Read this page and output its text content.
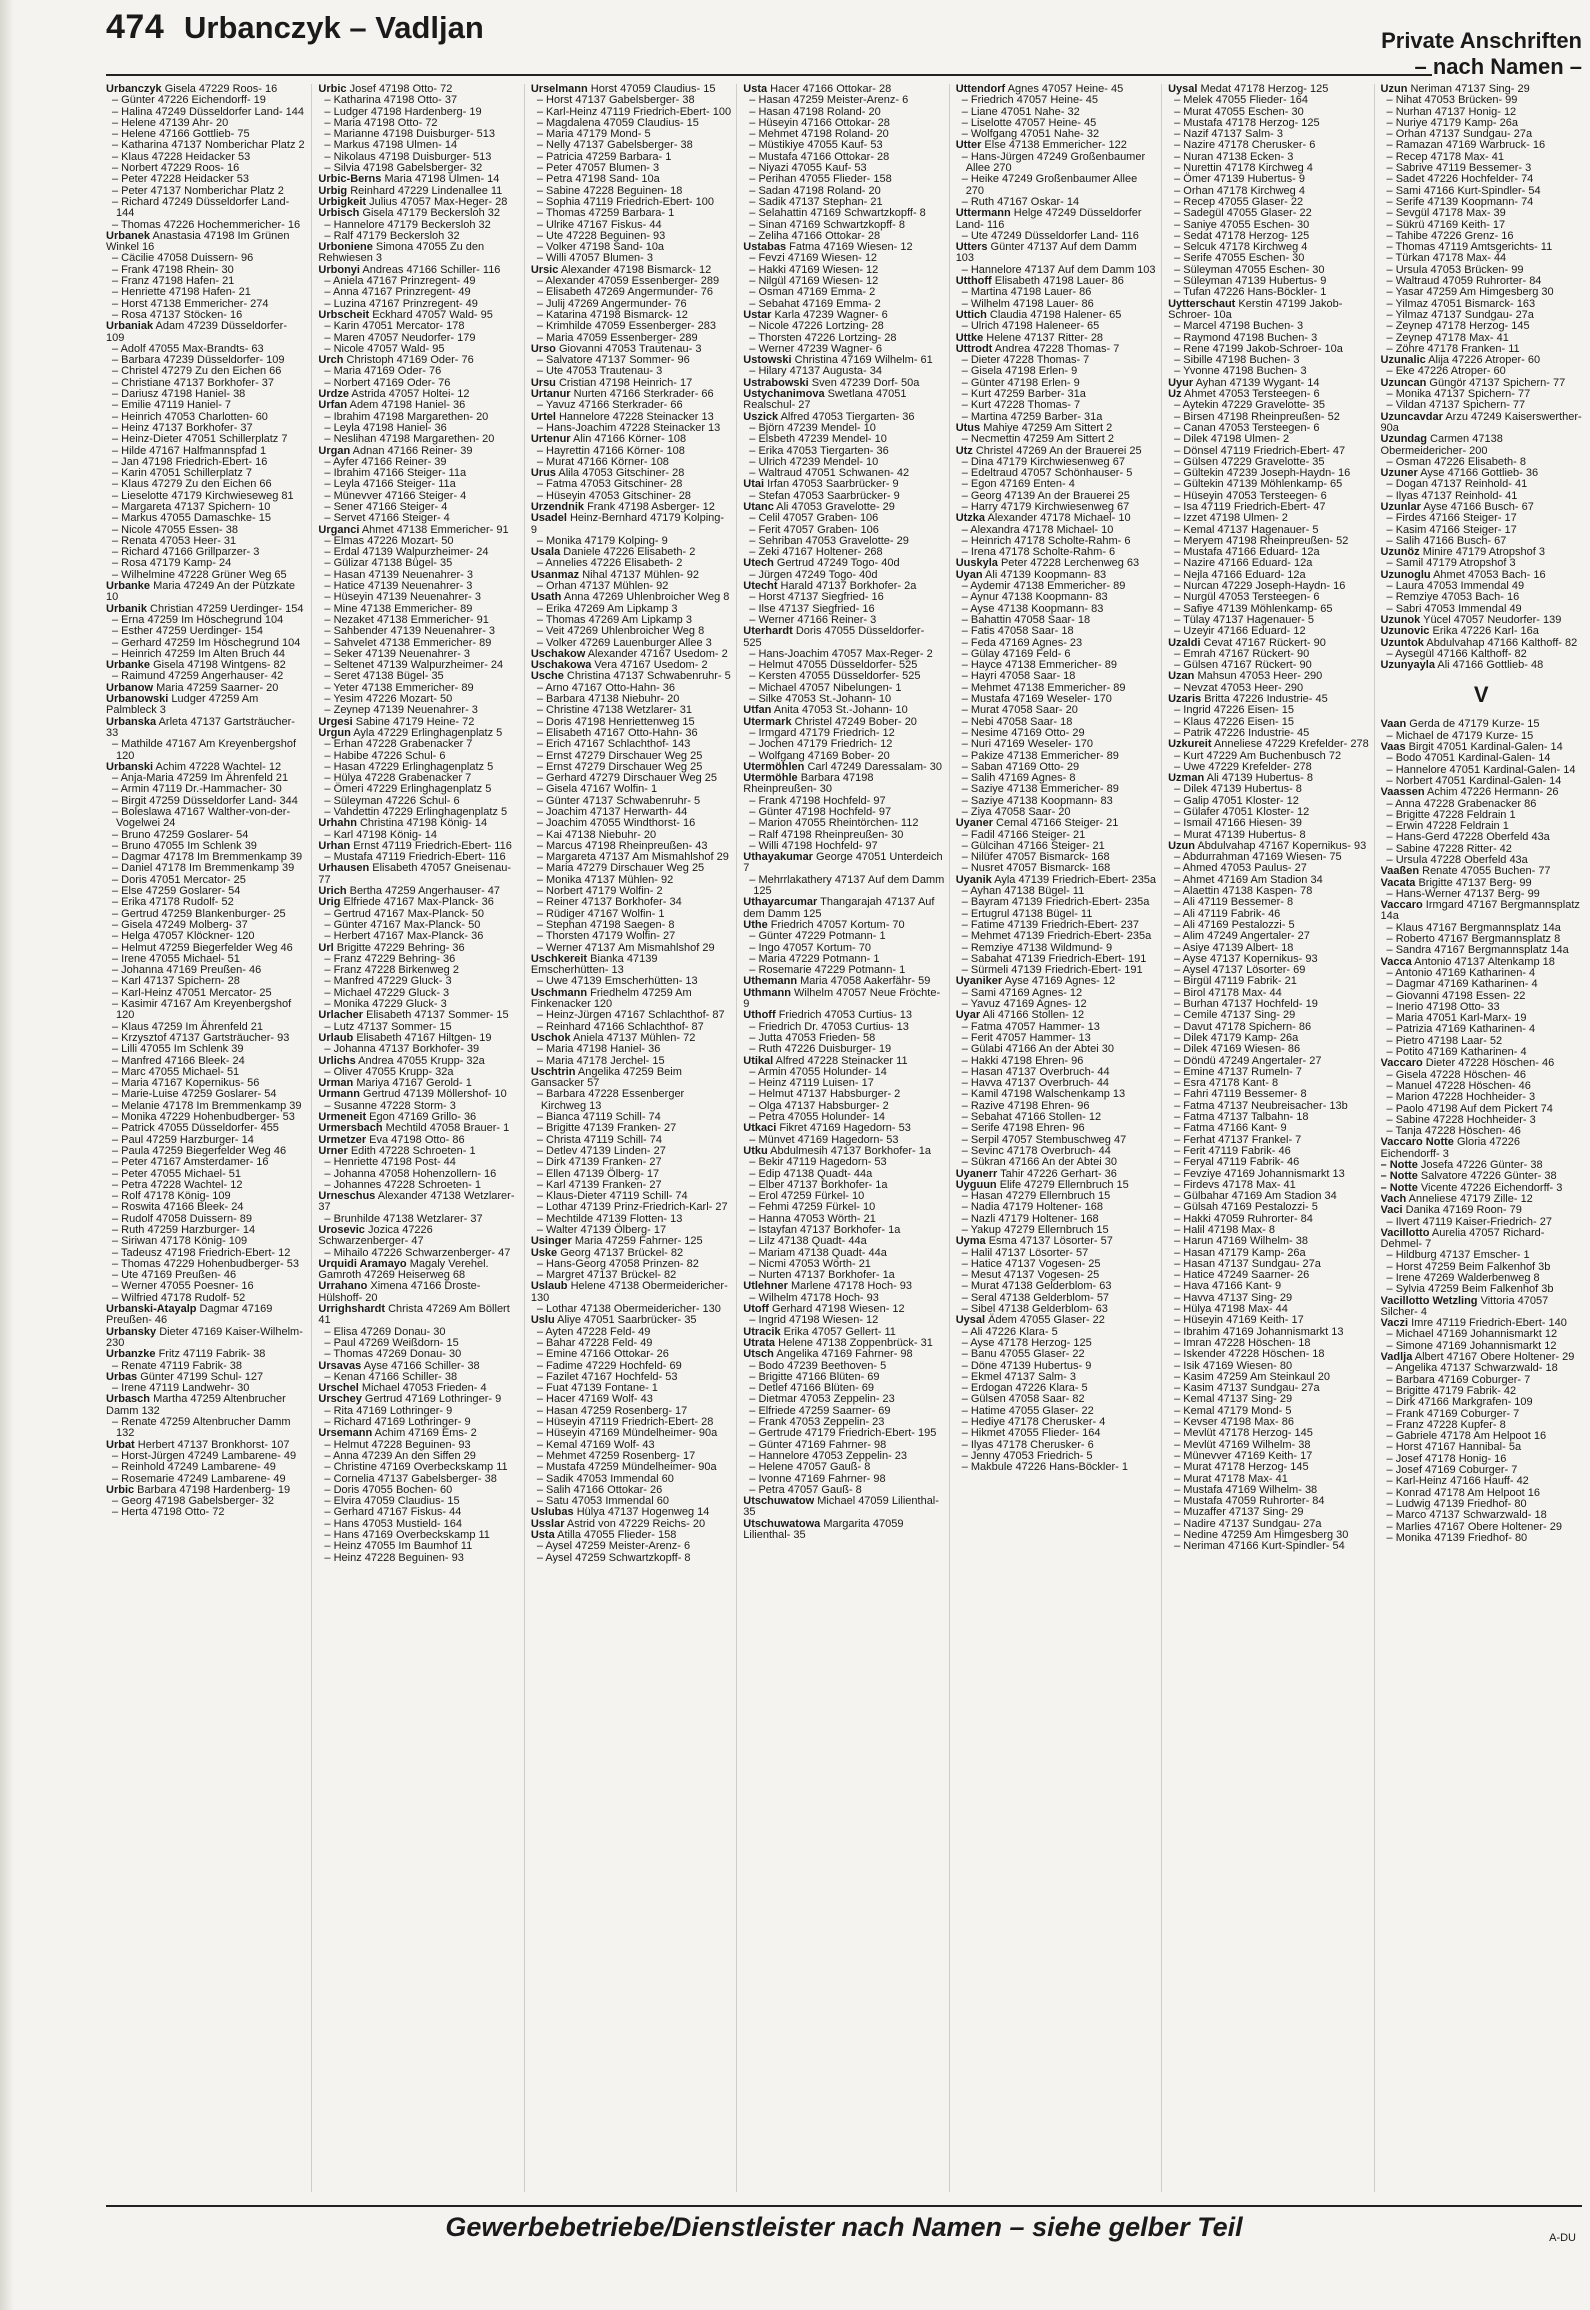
474 Urbanczyk – Vadljan	Private Anschriften
– nach Namen –

Urbanczyk Gisela 47229 Roos- 16

– Günter 47226 Eichendorff- 19

– Halina 47249 Düsseldorfer Land- 144

– Helene 47139 Ahr- 20

– Helene 47166 Gottlieb- 75

– Katharina 47137 Nomberichar Platz 2

– Klaus 47228 Heidacker 53

– Norbert 47229 Roos- 16

– Peter 47228 Heidacker 53

– Peter 47137 Nomberichar Platz 2

– Richard 47249 Düsseldorfer Land- 144

– Thomas 47226 Hochemmericher- 16

Urbanek Anastasia 47198 Im Grünen Winkel 16

– Cäcilie 47058 Duissern- 96

– Frank 47198 Rhein- 30

– Franz 47198 Hafen- 21

– Henriette 47198 Hafen- 21

– Horst 47138 Emmericher- 274

– Rosa 47137 Stöcken- 16

Urbaniak Adam 47239 Düsseldorfer- 109

– Adolf 47055 Max-Brandts- 63

– Barbara 47239 Düsseldorfer- 109

– Christel 47279 Zu den Eichen 66

– Christiane 47137 Borkhofer- 37

– Dariusz 47198 Haniel- 38

– Emilie 47119 Haniel- 7

– Heinrich 47053 Charlotten- 60

– Heinz 47137 Borkhofer- 37

– Heinz-Dieter 47051 Schillerplatz 7

– Hilde 47167 Halfmannspfad 1

– Jan 47198 Friedrich-Ebert- 16

– Karin 47051 Schillerplatz 7

– Klaus 47279 Zu den Eichen 66

– Lieselotte 47179 Kirchwieseweg 81

– Margareta 47137 Spichern- 10

– Markus 47055 Damaschke- 15

– Nicole 47055 Essen- 38

– Renata 47053 Heer- 31

– Richard 47166 Grillparzer- 3

– Rosa 47179 Kamp- 24

– Wilhelmine 47228 Grüner Weg 65

Urbanke Maria 47249 An der Pützkate 10

Urbanik Christian 47259 Uerdinger- 154

– Erna 47259 Im Höschegrund 104

– Esther 47259 Uerdinger- 154

– Gerhard 47259 Im Höschegrund 104

– Heinrich 47259 Im Alten Bruch 44

Urbanke Gisela 47198 Wintgens- 82

– Raimund 47259 Angerhauser- 42

Urbanow Maria 47259 Saarner- 20

Urbanowski Ludger 47259 Am Palmbleck 3

Urbanska Arleta 47137 Gartsträucher- 33

– Mathilde 47167 Am Kreyenbergshof 120

Urbanski Achim 47228 Wachtel- 12

– Anja-Maria 47259 Im Ährenfeld 21

– Armin 47119 Dr.-Hammacher- 30

– Birgit 47259 Düsseldorfer Land- 344

– Boleslawa 47167 Walther-von-der-Vogelwei 24

– Bruno 47259 Goslarer- 54

– Bruno 47055 Im Schlenk 39

– Dagmar 47178 Im Bremmenkamp 39

– Daniel 47178 Im Bremmenkamp 39

– Doris 47051 Mercator- 25

– Else 47259 Goslarer- 54

– Erika 47178 Rudolf- 52

– Gertrud 47259 Blankenburger- 25

– Gisela 47249 Molberg- 37

– Helga 47057 Klöckner- 120

– Helmut 47259 Biegerfelder Weg 46

– Irene 47055 Michael- 51

– Johanna 47169 Preußen- 46

– Karl 47137 Spichern- 28

– Karl-Heinz 47051 Mercator- 25

– Kasimir 47167 Am Kreyenbergshof 120

– Klaus 47259 Im Ährenfeld 21

– Krzysztof 47137 Gartsträucher- 93

– Lilli 47055 Im Schlenk 39

– Manfred 47166 Bleek- 24

– Marc 47055 Michael- 51

– Maria 47167 Kopernikus- 56

– Marie-Luise 47259 Goslarer- 54

– Melanie 47178 Im Bremmenkamp 39

– Monika 47229 Hohenbudberger- 53

– Patrick 47055 Düsseldorfer- 455

– Paul 47259 Harzburger- 14

– Paula 47259 Biegerfelder Weg 46

– Peter 47167 Amsterdamer- 16

– Peter 47055 Michael- 51

– Petra 47228 Wachtel- 12

– Rolf 47178 König- 109

– Roswita 47166 Bleek- 24

– Rudolf 47058 Duissern- 89

– Ruth 47259 Harzburger- 14

– Siriwan 47178 König- 109

– Tadeusz 47198 Friedrich-Ebert- 12

– Thomas 47229 Hohenbudberger- 53

– Ute 47169 Preußen- 46

– Werner 47055 Poesner- 16

– Wilfried 47178 Rudolf- 52

Urbanski-Atayalp Dagmar 47169 Preußen- 46

Urbansky Dieter 47169 Kaiser-Wilhelm- 230

Urbanzke Fritz 47119 Fabrik- 38

– Renate 47119 Fabrik- 38

Urbas Günter 47199 Schul- 127

– Irene 47119 Landwehr- 30

Urbasch Martha 47259 Altenbrucher Damm 132

– Renate 47259 Altenbrucher Damm 132

Urbat Herbert 47137 Bronkhorst- 107

– Horst-Jürgen 47249 Lambarene- 49

– Reinhold 47249 Lambarene- 49

– Rosemarie 47249 Lambarene- 49

Urbic Barbara 47198 Hardenberg- 19

– Georg 47198 Gabelsberger- 32

– Herta 47198 Otto- 72

Urbic Josef 47198 Otto- 72

– Katharina 47198 Otto- 37

– Ludger 47198 Hardenberg- 19

– Maria 47198 Otto- 72

– Marianne 47198 Duisburger- 513

– Markus 47198 Ulmen- 14

– Nikolaus 47198 Duisburger- 513

– Silvia 47198 Gabelsberger- 32

Urbic-Berns Maria 47198 Ulmen- 14

Urbig Reinhard 47229 Lindenallee 11

Urbigkeit Julius 47057 Max-Heger- 28

Urbisch Gisela 47179 Beckersloh 32

– Hannelore 47179 Beckersloh 32

– Ralf 47179 Beckersloh 32

Urboniene Simona 47055 Zu den Rehwiesen 3

Urbonyi Andreas 47166 Schiller- 116

– Aniela 47167 Prinzregent- 49

– Anna 47167 Prinzregent- 49

– Luzina 47167 Prinzregent- 49

Urbscheit Eckhard 47057 Wald- 95

– Karin 47051 Mercator- 178

– Maren 47057 Neudorfer- 179

– Nicole 47057 Wald- 95

Urch Christoph 47169 Oder- 76

– Maria 47169 Oder- 76

– Norbert 47169 Oder- 76

Urdze Astrida 47057 Holtei- 12

Urfan Adem 47198 Haniel- 36

– Ibrahim 47198 Margarethen- 20

– Leyla 47198 Haniel- 36

– Neslihan 47198 Margarethen- 20

Urgan Adnan 47166 Reiner- 39

– Ayfer 47166 Reiner- 39

– Ibrahim 47166 Steiger- 11a

– Leyla 47166 Steiger- 11a

– Münevver 47166 Steiger- 4

– Sener 47166 Steiger- 4

– Servet 47166 Steiger- 4

Urganci Ahmet 47138 Emmericher- 91

– Elmas 47226 Mozart- 50

– Erdal 47139 Walpurzheimer- 24

– Gülizar 47138 Bügel- 35

– Hasan 47139 Neuenahrer- 3

– Hatice 47139 Neuenahrer- 3

– Hüseyin 47139 Neuenahrer- 3

– Mine 47138 Emmericher- 89

– Nezaket 47138 Emmericher- 91

– Sahbender 47139 Neuenahrer- 3

– Sahvelet 47138 Emmericher- 89

– Seker 47139 Neuenahrer- 3

– Seltenet 47139 Walpurzheimer- 24

– Seret 47138 Bügel- 35

– Yeter 47138 Emmericher- 89

– Yesim 47226 Mozart- 50

– Zeynep 47139 Neuenahrer- 3

Urgesi Sabine 47179 Heine- 72

Urgun Ayla 47229 Erlinghagenplatz 5

– Erhan 47228 Grabenacker 7

– Habibe 47226 Schul- 6

– Hasan 47229 Erlinghagenplatz 5

– Hülya 47228 Grabenacker 7

– Ömeri 47229 Erlinghagenplatz 5

– Süleyman 47226 Schul- 6

– Vahdettin 47229 Erlinghagenplatz 5

Urhahn Christina 47198 König- 14

– Karl 47198 König- 14

Urhan Ernst 47119 Friedrich-Ebert- 116

– Mustafa 47119 Friedrich-Ebert- 116

Urhausen Elisabeth 47057 Gneisenau- 77

Urich Bertha 47259 Angerhauser- 47

Urig Elfriede 47167 Max-Planck- 36

– Gertrud 47167 Max-Planck- 50

– Günter 47167 Max-Planck- 50

– Herbert 47167 Max-Planck- 36

Url Brigitte 47229 Behring- 36

– Franz 47229 Behring- 36

– Franz 47228 Birkenweg 2

– Manfred 47229 Gluck- 3

– Michael 47229 Gluck- 3

– Monika 47229 Gluck- 3

Urlacher Elisabeth 47137 Sommer- 15

– Lutz 47137 Sommer- 15

Urlaub Elisabeth 47167 Hiltgen- 19

– Johanna 47137 Borkhofer- 39

Urlichs Andrea 47055 Krupp- 32a

– Oliver 47055 Krupp- 32a

Urman Mariya 47167 Gerold- 1

Urmann Gertrud 47139 Möllershof- 10

– Susanne 47228 Storm- 3

Urmeneit Egon 47169 Grillo- 36

Urmersbach Mechtild 47058 Brauer- 1

Urmetzer Eva 47198 Otto- 86

Urner Edith 47228 Schroeten- 1

– Henriette 47198 Post- 44

– Johanna 47058 Hohenzollern- 16

– Johannes 47228 Schroeten- 1

Urneschus Alexander 47138 Wetzlarer- 37

– Brunhilde 47138 Wetzlarer- 37

Urosevic Jozica 47226 Schwarzenberger- 47

– Mihailo 47226 Schwarzenberger- 47

Urquidi Aramayo Magaly Verehel. Gamroth 47269 Heiserweg 68

Urrahano Ximena 47166 Droste-Hülshoff- 20

Urrighshardt Christa 47269 Am Böllert 41

– Elisa 47269 Donau- 30

– Paul 47269 Weißdorn- 15

– Thomas 47269 Donau- 30

Ursavas Ayse 47166 Schiller- 38

– Kenan 47166 Schiller- 38

Urschel Michael 47053 Frieden- 4

Urschey Gertrud 47169 Lothringer- 9

– Rita 47169 Lothringer- 9

– Richard 47169 Lothringer- 9

Ursemann Achim 47169 Ems- 2

– Helmut 47228 Beguinen- 93

– Anna 47239 An den Siffen 29

– Christine 47169 Overbeckskamp 11

– Cornelia 47137 Gabelsberger- 38

– Doris 47055 Bochen- 60

– Elvira 47059 Claudius- 15

– Gerhard 47167 Fiskus- 44

– Hans 47053 Mustield- 164

– Hans 47169 Overbeckskamp 11

– Heinz 47055 Im Baumhof 11

– Heinz 47228 Beguinen- 93

Urselmann Horst 47059 Claudius- 15

– Horst 47137 Gabelsberger- 38

– Karl-Heinz 47119 Friedrich-Ebert- 100

– Magdalena 47059 Claudius- 15

– Maria 47179 Mond- 5

– Nelly 47137 Gabelsberger- 38

– Patricia 47259 Barbara- 1

– Peter 47057 Blumen- 3

– Petra 47198 Sand- 10a

– Sabine 47228 Beguinen- 18

– Sophia 47119 Friedrich-Ebert- 100

– Thomas 47259 Barbara- 1

– Ulrike 47167 Fiskus- 44

– Ute 47228 Beguinen- 93

– Volker 47198 Sand- 10a

– Willi 47057 Blumen- 3

Ursic Alexander 47198 Bismarck- 12

– Alexander 47059 Essenberger- 289

– Elisabeth 47269 Angermunder- 76

– Julij 47269 Angermunder- 76

– Katarina 47198 Bismarck- 12

– Krimhilde 47059 Essenberger- 283

– Maria 47059 Essenberger- 289

Urso Giovanni 47053 Trautenau- 3

– Salvatore 47137 Sommer- 96

– Ute 47053 Trautenau- 3

Ursu Cristian 47198 Heinrich- 17

Urtanur Nurten 47166 Sterkrader- 66

– Yavuz 47166 Sterkrader- 66

Urtel Hannelore 47228 Steinacker 13

– Hans-Joachim 47228 Steinacker 13

Urtenur Alin 47166 Körner- 108

– Hayrettin 47166 Körner- 108

– Murat 47166 Körner- 108

Urus Alila 47053 Gitschiner- 28

– Fatma 47053 Gitschiner- 28

– Hüseyin 47053 Gitschiner- 28

Urzendnik Frank 47198 Asberger- 12

Usadel Heinz-Bernhard 47179 Kolping- 9

– Monika 47179 Kolping- 9

Usala Daniele 47226 Elisabeth- 2

– Annelies 47226 Elisabeth- 2

Usanmaz Nihal 47137 Mühlen- 92

– Orhan 47137 Mühlen- 92

Usath Anna 47269 Uhlenbroicher Weg 8

– Erika 47269 Am Lipkamp 3

– Thomas 47269 Am Lipkamp 3

– Veit 47269 Uhlenbroicher Weg 8

– Volker 47269 Lauenburger Allee 3

Uschakow Alexander 47167 Usedom- 2

Uschakowa Vera 47167 Usedom- 2

Usche Christina 47137 Schwabenruhr- 5

– Arno 47167 Otto-Hahn- 36

– Barbara 47138 Niebuhr- 20

– Christine 47138 Wetzlarer- 31

– Doris 47198 Henriettenweg 15

– Elisabeth 47167 Otto-Hahn- 36

– Erich 47167 Schlachthof- 143

– Ernst 47279 Dirschauer Weg 25

– Ernst 47279 Dirschauer Weg 25

– Gerhard 47279 Dirschauer Weg 25

– Gisela 47167 Wolfin- 1

– Günter 47137 Schwabenruhr- 5

– Joachim 47137 Herwarth- 44

– Joachim 47055 Windthorst- 16

– Kai 47138 Niebuhr- 20

– Marcus 47198 Rheinpreußen- 43

– Margareta 47137 Am Mismahlshof 29

– Maria 47279 Dirschauer Weg 25

– Monika 47137 Mühlen- 92

– Norbert 47179 Wolfin- 2

– Reiner 47137 Borkhofer- 34

– Rüdiger 47167 Wolfin- 1

– Stephan 47198 Saegen- 8

– Thorsten 47179 Wolfin- 27

– Werner 47137 Am Mismahlshof 29

Uschkereit Bianka 47139 Emscherhütten- 13

– Uwe 47139 Emscherhütten- 13

Uschmann Friedhelm 47259 Am Finkenacker 120

– Heinz-Jürgen 47167 Schlachthof- 87

– Reinhard 47166 Schlachthof- 87

Uschok Aniela 47137 Mühlen- 72

– Maria 47198 Haniel- 36

– Maria 47178 Jerchel- 15

Uschtrin Angelika 47259 Beim Gansacker 57

– Barbara 47228 Essenberger Kirchweg 13

– Bianca 47119 Schill- 74

– Brigitte 47139 Franken- 27

– Christa 47119 Schill- 74

– Detlev 47139 Linden- 27

– Dirk 47139 Franken- 27

– Ellen 47139 Ölberg- 17

– Karl 47139 Franken- 27

– Klaus-Dieter 47119 Schill- 74

– Lothar 47139 Prinz-Friedrich-Karl- 27

– Mechtilde 47139 Flotten- 13

– Walter 47139 Ölberg- 17

Usinger Maria 47259 Fahrner- 125

Uske Georg 47137 Brückel- 82

– Hans-Georg 47058 Prinzen- 82

– Margret 47137 Brückel- 82

Uslaub Helene 47138 Obermeidericher- 130

– Lothar 47138 Obermeidericher- 130

Uslu Aliye 47051 Saarbrücker- 35

– Ayten 47228 Feld- 49

– Bahar 47228 Feld- 49

– Emine 47166 Ottokar- 26

– Fadime 47229 Hochfeld- 69

– Fazilet 47167 Hochfeld- 53

– Fuat 47139 Fontane- 1

– Hacer 47169 Wolf- 43

– Hasan 47259 Rosenberg- 17

– Hüseyin 47119 Friedrich-Ebert- 28

– Hüseyin 47169 Mündelheimer- 90a

– Kemal 47169 Wolf- 43

– Mehmet 47259 Rosenberg- 17

– Mustafa 47259 Mündelheimer- 90a

– Sadik 47053 Immendal 60

– Salih 47166 Ottokar- 26

– Satu 47053 Immendal 60

Uslubas Hülya 47137 Hogenweg 14

Usslar Astrid von 47229 Reichs- 20

Usta Atilla 47055 Flieder- 158

– Aysel 47259 Meister-Arenz- 6

– Aysel 47259 Schwartzkopff- 8

Usta Hacer 47166 Ottokar- 28

– Hasan 47259 Meister-Arenz- 6

– Hasan 47198 Roland- 20

– Hüseyin 47166 Ottokar- 28

– Mehmet 47198 Roland- 20

– Müstikiye 47055 Kauf- 53

– Mustafa 47166 Ottokar- 28

– Niyazi 47055 Kauf- 53

– Perihan 47055 Flieder- 158

– Sadan 47198 Roland- 20

– Sadik 47137 Stephan- 21

– Selahattin 47169 Schwartzkopff- 8

– Sinan 47169 Schwartzkopff- 8

– Zeliha 47166 Ottokar- 28

Ustabas Fatma 47169 Wiesen- 12

– Fevzi 47169 Wiesen- 12

– Hakki 47169 Wiesen- 12

– Nilgül 47169 Wiesen- 12

– Osman 47169 Emma- 2

– Sebahat 47169 Emma- 2

Ustar Karla 47239 Wagner- 6

– Nicole 47226 Lortzing- 28

– Thorsten 47226 Lortzing- 28

– Werner 47239 Wagner- 6

Ustowski Christina 47169 Wilhelm- 61

– Hilary 47137 Augusta- 34

Ustrabowski Sven 47239 Dorf- 50a

Ustychanimova Swetlana 47051 Realschul- 27

Uszick Alfred 47053 Tiergarten- 36

– Björn 47239 Mendel- 10

– Elsbeth 47239 Mendel- 10

– Erika 47053 Tiergarten- 36

– Ulrich 47239 Mendel- 10

– Waltraud 47051 Schwanen- 42

Utai Irfan 47053 Saarbrücker- 9

– Stefan 47053 Saarbrücker- 9

Utanc Ali 47053 Gravelotte- 29

– Celil 47057 Graben- 106

– Ferit 47057 Graben- 106

– Sehriban 47053 Gravelotte- 29

– Zeki 47167 Holtener- 268

Utech Gertrud 47249 Togo- 40d

– Jürgen 47249 Togo- 40d

Utecht Harald 47137 Borkhofer- 2a

– Horst 47137 Siegfried- 16

– Ilse 47137 Siegfried- 16

– Werner 47166 Reiner- 3

Uterhardt Doris 47055 Düsseldorfer- 525

– Hans-Joachim 47057 Max-Reger- 2

– Helmut 47055 Düsseldorfer- 525

– Kersten 47055 Düsseldorfer- 525

– Michael 47057 Nibelungen- 1

– Silke 47053 St.-Johann- 10

Utfan Anita 47053 St.-Johann- 10

Utermark Christel 47249 Bober- 20

– Irmgard 47179 Friedrich- 12

– Jochen 47179 Friedrich- 12

– Wolfgang 47169 Bober- 20

Utermöhlen Carl 47249 Daressalam- 30

Utermöhle Barbara 47198 Rheinpreußen- 30

– Frank 47198 Hochfeld- 97

– Günter 47198 Hochfeld- 97

– Marion 47055 Rheintörchen- 112

– Ralf 47198 Rheinpreußen- 30

– Willi 47198 Hochfeld- 97

Uthayakumar George 47051 Unterdeich 7

– Mehrrlakathery 47137 Auf dem Damm 125

Uthayarcumar Thangarajah 47137 Auf dem Damm 125

Uthe Friedrich 47057 Kortum- 70

– Günter 47229 Potmann- 1

– Ingo 47057 Kortum- 70

– Maria 47229 Potmann- 1

– Rosemarie 47229 Potmann- 1

Uthemann Maria 47058 Aakerfähr- 59

Uthmann Wilhelm 47057 Neue Fröchte- 9

Uthoff Friedrich 47053 Curtius- 13

– Friedrich Dr. 47053 Curtius- 13

– Jutta 47053 Frieden- 58

– Ruth 47226 Duisburger- 19

Utikal Alfred 47228 Steinacker 11

– Armin 47055 Holunder- 14

– Heinz 47119 Luisen- 17

– Helmut 47137 Habsburger- 2

– Olga 47137 Habsburger- 2

– Petra 47055 Holunder- 14

Utkaci Fikret 47169 Hagedorn- 53

– Münvet 47169 Hagedorn- 53

Utku Abdulmesih 47137 Borkhofer- 1a

– Bekir 47119 Hagedorn- 53

– Edip 47138 Quadt- 44a

– Elber 47137 Borkhofer- 1a

– Erol 47259 Fürkel- 10

– Fehmi 47259 Fürkel- 10

– Hanna 47053 Wörth- 21

– Istayfan 47137 Borkhofer- 1a

– Lilz 47138 Quadt- 44a

– Mariam 47138 Quadt- 44a

– Nicmi 47053 Wörth- 21

– Nurten 47137 Borkhofer- 1a

Utlehner Marlene 47178 Hoch- 93

– Wilhelm 47178 Hoch- 93

Utoff Gerhard 47198 Wiesen- 12

– Ingrid 47198 Wiesen- 12

Utracik Erika 47057 Gellert- 11

Utrata Helene 47138 Zoppenbrück- 31

Utsch Angelika 47169 Fahrner- 98

– Bodo 47239 Beethoven- 5

– Brigitte 47166 Blüten- 69

– Detlef 47166 Blüten- 69

– Dietmar 47053 Zeppelin- 23

– Elfriede 47259 Saarner- 69

– Frank 47053 Zeppelin- 23

– Gertrude 47179 Friedrich-Ebert- 195

– Günter 47169 Fahrner- 98

– Hannelore 47053 Zeppelin- 23

– Helene 47057 Gauß- 8

– Ivonne 47169 Fahrner- 98

– Petra 47057 Gauß- 8

Utschuwatow Michael 47059 Lilienthal- 35

Utschuwatowa Margarita 47059 Lilienthal- 35

Uttendorf Agnes 47057 Heine- 45

– Friedrich 47057 Heine- 45

– Liane 47051 Nahe- 32

– Liselotte 47057 Heine- 45

– Wolfgang 47051 Nahe- 32

Utter Else 47138 Emmericher- 122

– Hans-Jürgen 47249 Großenbaumer Allee 270

– Heike 47249 Großenbaumer Allee 270

– Ruth 47167 Oskar- 14

Uttermann Helge 47249 Düsseldorfer Land- 116

– Ute 47249 Düsseldorfer Land- 116

Utters Günter 47137 Auf dem Damm 103

– Hannelore 47137 Auf dem Damm 103

Utthoff Elisabeth 47198 Lauer- 86

– Martina 47198 Lauer- 86

– Wilhelm 47198 Lauer- 86

Uttich Claudia 47198 Halener- 65

– Ulrich 47198 Haleneer- 65

Uttke Helene 47137 Ritter- 28

Uttrodt Andrea 47228 Thomas- 7

– Dieter 47228 Thomas- 7

– Gisela 47198 Erlen- 9

– Günter 47198 Erlen- 9

– Kurt 47259 Barber- 31a

– Kurt 47228 Thomas- 7

– Martina 47259 Barber- 31a

Utus Mahiye 47259 Am Sittert 2

– Necmettin 47259 Am Sittert 2

Utz Christel 47269 An der Brauerei 25

– Dina 47179 Kirchwiesenweg 67

– Edeltraud 47057 Schönhauser- 5

– Egon 47169 Enten- 4

– Georg 47139 An der Brauerei 25

– Harry 47179 Kirchwiesenweg 67

Utzka Alexander 47178 Michael- 10

– Alexandra 47178 Michael- 10

– Heinrich 47178 Scholte-Rahm- 6

– Irena 47178 Scholte-Rahm- 6

Uuskyla Peter 47228 Lerchenweg 63

Uyan Ali 47139 Koopmann- 83

– Aydemir 47138 Emmericher- 89

– Aynur 47138 Koopmann- 83

– Ayse 47138 Koopmann- 83

– Bahattin 47058 Saar- 18

– Fatis 47058 Saar- 18

– Feda 47169 Agnes- 23

– Gülay 47169 Feld- 6

– Hayce 47138 Emmericher- 89

– Hayri 47058 Saar- 18

– Mehmet 47138 Emmericher- 89

– Mustafa 47169 Weseler- 170

– Murat 47058 Saar- 20

– Nebi 47058 Saar- 18

– Nesime 47169 Otto- 29

– Nuri 47169 Weseler- 170

– Pakize 47138 Emmericher- 89

– Saban 47169 Otto- 29

– Salih 47169 Agnes- 8

– Saziye 47138 Emmericher- 89

– Saziye 47138 Koopmann- 83

– Ziya 47058 Saar- 20

Uyaner Cemal 47166 Steiger- 21

– Fadil 47166 Steiger- 21

– Gülcihan 47166 Steiger- 21

– Nilüfer 47057 Bismarck- 168

– Nusret 47057 Bismarck- 168

Uyanik Ayla 47139 Friedrich-Ebert- 235a

– Ayhan 47138 Bügel- 11

– Bayram 47139 Friedrich-Ebert- 235a

– Ertugrul 47138 Bügel- 11

– Fatime 47139 Friedrich-Ebert- 237

– Mehmet 47139 Friedrich-Ebert- 235a

– Remziye 47138 Wildmund- 9

– Sabahat 47139 Friedrich-Ebert- 191

– Sürmeli 47139 Friedrich-Ebert- 191

Uyaniker Ayse 47169 Agnes- 12

– Sami 47169 Agnes- 12

– Yavuz 47169 Agnes- 12

Uyar Ali 47166 Stollen- 12

– Fatma 47057 Hammer- 13

– Ferit 47057 Hammer- 13

– Gülabi 47166 An der Abtei 30

– Hakki 47198 Ehren- 96

– Hasan 47137 Overbruch- 44

– Havva 47137 Overbruch- 44

– Kamil 47198 Walschenkamp 13

– Razive 47198 Ehren- 96

– Sebahat 47166 Stollen- 12

– Serife 47198 Ehren- 96

– Serpil 47057 Stembuschweg 47

– Sevinc 47178 Overbruch- 44

– Sükran 47166 An der Abtei 30

Uyanerr Tahir 47226 Gerhart- 36

Uyguun Elife 47279 Ellernbruch 15

– Hasan 47279 Ellernbruch 15

– Nadia 47179 Holtener- 168

– Nazli 47179 Holtener- 168

– Yakup 47279 Ellernbruch 15

Uyma Esma 47137 Lösorter- 57

– Halil 47137 Lösorter- 57

– Hatice 47137 Vogesen- 25

– Mesut 47137 Vogesen- 25

– Murat 47138 Gelderblom- 63

– Seral 47138 Gelderblom- 57

– Sibel 47138 Gelderblom- 63

Uysal Ädem 47055 Glaser- 22

– Ali 47226 Klara- 5

– Ayse 47178 Herzog- 125

– Banu 47055 Glaser- 22

– Döne 47139 Hubertus- 9

– Ekmel 47137 Salm- 3

– Erdogan 47226 Klara- 5

– Gülsen 47058 Saar- 82

– Hatime 47055 Glaser- 22

– Hediye 47178 Cherusker- 4

– Hikmet 47055 Flieder- 164

– Ilyas 47178 Cherusker- 6

– Jenny 47053 Friedrich- 5

– Makbule 47226 Hans-Böckler- 1

Uysal Medat 47178 Herzog- 125

– Melek 47055 Flieder- 164

– Murat 47055 Eschen- 30

– Mustafa 47178 Herzog- 125

– Nazif 47137 Salm- 3

– Nazire 47178 Cherusker- 6

– Nuran 47138 Ecken- 3

– Nurettin 47178 Kirchweg 4

– Ömer 47139 Hubertus- 9

– Orhan 47178 Kirchweg 4

– Recep 47055 Glaser- 22

– Sadegül 47055 Glaser- 22

– Saniye 47055 Eschen- 30

– Sedat 47178 Herzog- 125

– Selcuk 47178 Kirchweg 4

– Serife 47055 Eschen- 30

– Süleyman 47055 Eschen- 30

– Süleyman 47139 Hubertus- 9

– Tufan 47226 Hans-Böckler- 1

Uytterschaut Kerstin 47199 Jakob-Schroer- 10a

– Marcel 47198 Buchen- 3

– Raymond 47198 Buchen- 3

– Rene 47199 Jakob-Schroer- 10a

– Sibille 47198 Buchen- 3

– Yvonne 47198 Buchen- 3

Uyur Ayhan 47139 Wygant- 14

Uz Ahmet 47053 Tersteegen- 6

– Aytekin 47229 Gravelotte- 35

– Birsen 47198 Rheinpreußen- 52

– Canan 47053 Tersteegen- 6

– Dilek 47198 Ulmen- 2

– Dönsel 47119 Friedrich-Ebert- 47

– Gülsen 47229 Gravelotte- 35

– Gültekin 47239 Joseph-Haydn- 16

– Gültekin 47139 Möhlenkamp- 65

– Hüseyin 47053 Tersteegen- 6

– Isa 47119 Friedrich-Ebert- 47

– Izzet 47198 Ulmen- 2

– Kemal 47137 Hagenauer- 5

– Meryem 47198 Rheinpreußen- 52

– Mustafa 47166 Eduard- 12a

– Nazire 47166 Eduard- 12a

– Nejla 47166 Eduard- 12a

– Nurcan 47229 Joseph-Haydn- 16

– Nurgül 47053 Tersteegen- 6

– Safiye 47139 Möhlenkamp- 65

– Tülay 47137 Hagenauer- 5

– Uzeyir 47166 Eduard- 12

Uzaldi Cevat 47167 Rückert- 90

– Emrah 47167 Rückert- 90

– Gülsen 47167 Rückert- 90

Uzan Mahsun 47053 Heer- 290

– Nevzat 47053 Heer- 290

Uzaris Britta 47226 Industrie- 45

– Ingrid 47226 Eisen- 15

– Klaus 47226 Eisen- 15

– Patrik 47226 Industrie- 45

Uzkureit Anneliese 47229 Krefelder- 278

– Kurt 47229 Am Buchenbusch 72

– Uwe 47229 Krefelder- 278

Uzman Ali 47139 Hubertus- 8

– Dilek 47139 Hubertus- 8

– Galip 47051 Kloster- 12

– Gülafer 47051 Kloster- 12

– Ismail 47166 Hiesen- 39

– Murat 47139 Hubertus- 8

Uzun Abdulvahap 47167 Kopernikus- 93

– Abdurrahman 47169 Wiesen- 75

– Ahmed 47053 Paulus- 27

– Ahmet 47169 Am Stadion 34

– Alaettin 47138 Kaspen- 78

– Ali 47119 Bessemer- 8

– Ali 47119 Fabrik- 46

– Ali 47169 Pestalozzi- 5

– Alim 47249 Angertaler- 27

– Asiye 47139 Albert- 18

– Ayse 47137 Kopernikus- 93

– Aysel 47137 Lösorter- 69

– Birgül 47119 Fabrik- 21

– Birol 47178 Max- 44

– Burhan 47137 Hochfeld- 19

– Cemile 47137 Sing- 29

– Davut 47178 Spichern- 86

– Dilek 47179 Kamp- 26a

– Dilek 47169 Wiesen- 86

– Döndü 47249 Angertaler- 27

– Emine 47137 Rumeln- 7

– Esra 47178 Kant- 8

– Fahri 47119 Bessemer- 8

– Fatma 47137 Neubreisacher- 13b

– Fatma 47137 Talbahn- 18

– Fatma 47166 Kant- 9

– Ferhat 47137 Frankel- 7

– Ferit 47119 Fabrik- 46

– Feryal 47119 Fabrik- 46

– Fevziye 47169 Johannismarkt 13

– Firdevs 47178 Max- 41

– Gülbahar 47169 Am Stadion 34

– Gülsah 47169 Pestalozzi- 5

– Hakki 47059 Ruhrorter- 84

– Halil 47198 Max- 8

– Harun 47169 Wilhelm- 38

– Hasan 47179 Kamp- 26a

– Hasan 47137 Sundgau- 27a

– Hatice 47249 Saarner- 26

– Hava 47166 Kant- 9

– Havva 47137 Sing- 29

– Hülya 47198 Max- 44

– Hüseyin 47169 Keith- 17

– Ibrahim 47169 Johannismarkt 13

– Imran 47228 Höschen- 18

– Iskender 47228 Höschen- 18

– Isik 47169 Wiesen- 80

– Kasim 47259 Am Steinkaul 20

– Kasim 47137 Sundgau- 27a

– Kemal 47137 Sing- 29

– Kemal 47179 Mond- 5

– Kevser 47198 Max- 86

– Mevlüt 47178 Herzog- 145

– Mevlüt 47169 Wilhelm- 38

– Münevver 47169 Keith- 17

– Murat 47178 Herzog- 145

– Murat 47178 Max- 41

– Mustafa 47169 Wilhelm- 38

– Mustafa 47059 Ruhrorter- 84

– Muzaffer 47137 Sing- 29

– Nadire 47137 Sundgau- 27a

– Nedine 47259 Am Himgesberg 30

– Neriman 47166 Kurt-Spindler- 54

Uzun Neriman 47137 Sing- 29

– Nihat 47053 Brücken- 99

– Nurhan 47137 Honig- 12

– Nuriye 47179 Kamp- 26a

– Orhan 47137 Sundgau- 27a

– Ramazan 47169 Warbruck- 16

– Recep 47178 Max- 41

– Sabrive 47119 Bessemer- 3

– Sadet 47226 Hochfelder- 74

– Sami 47166 Kurt-Spindler- 54

– Serife 47139 Koopmann- 74

– Sevgül 47178 Max- 39

– Sükrü 47169 Keith- 17

– Tahibe 47226 Grenz- 16

– Thomas 47119 Amtsgerichts- 11

– Türkan 47178 Max- 44

– Ursula 47053 Brücken- 99

– Waltraud 47059 Ruhrorter- 84

– Yasar 47259 Am Himgesberg 30

– Yilmaz 47051 Bismarck- 163

– Yilmaz 47137 Sundgau- 27a

– Zeynep 47178 Herzog- 145

– Zeynep 47178 Max- 41

– Zöhre 47178 Franken- 11

Uzunalic Alija 47226 Atroper- 60

– Eke 47226 Atroper- 60

Uzuncan Güngör 47137 Spichern- 77

– Monika 47137 Spichern- 77

– Vildan 47137 Spichern- 77

Uzuncavdar Arzu 47249 Kaiserswerther- 90a

Uzundag Carmen 47138 Obermeidericher- 200

– Osman 47226 Elisabeth- 8

Uzuner Ayse 47166 Gottlieb- 36

– Dogan 47137 Reinhold- 41

– Ilyas 47137 Reinhold- 41

Uzunlar Ayse 47166 Busch- 67

– Firdes 47166 Steiger- 17

– Kasim 47166 Steiger- 17

– Salih 47166 Busch- 67

Uzunöz Minire 47179 Atropshof 3

– Samil 47179 Atropshof 3

Uzunoglu Ahmet 47053 Bach- 16

– Laura 47053 Immendal 49

– Remziye 47053 Bach- 16

– Sabri 47053 Immendal 49

Uzunok Yücel 47057 Neudorfer- 139

Uzunovic Erika 47226 Karl- 16a

Uzuntok Abdulvahap 47166 Kalthoff- 82

– Aysegül 47166 Kalthoff- 82

Uzunyayla Ali 47166 Gottlieb- 48

V

Vaan Gerda de 47179 Kurze- 15

– Michael de 47179 Kurze- 15

Vaas Birgit 47051 Kardinal-Galen- 14

– Bodo 47051 Kardinal-Galen- 14

– Hannelore 47051 Kardinal-Galen- 14

– Norbert 47051 Kardinal-Galen- 14

Vaassen Achim 47226 Hermann- 26

– Anna 47228 Grabenacker 86

– Brigitte 47228 Feldrain 1

– Erwin 47228 Feldrain 1

– Hans-Gerd 47228 Oberfeld 43a

– Sabine 47228 Ritter- 42

– Ursula 47228 Oberfeld 43a

Vaaßen Renate 47055 Buchen- 77

Vacata Brigitte 47137 Berg- 99

– Hans-Werner 47137 Berg- 99

Vaccaro Irmgard 47167 Bergmannsplatz 14a

– Klaus 47167 Bergmannsplatz 14a

– Roberto 47167 Bergmannsplatz 8

– Sandra 47167 Bergmannsplatz 14a

Vacca Antonio 47137 Altenkamp 18

– Antonio 47169 Katharinen- 4

– Dagmar 47169 Katharinen- 4

– Giovanni 47198 Essen- 22

– Inerio 47198 Otto- 33

– Maria 47051 Karl-Marx- 19

– Patrizia 47169 Katharinen- 4

– Pietro 47198 Laar- 52

– Potito 47169 Katharinen- 4

Vaccaro Dieter 47228 Höschen- 46

– Gisela 47228 Höschen- 46

– Manuel 47228 Höschen- 46

– Marion 47228 Hochheider- 3

– Paolo 47198 Auf dem Pickert 74

– Sabine 47228 Hochheider- 3

– Tanja 47228 Höschen- 46

Vaccaro Notte Gloria 47226 Eichendorff- 3

– Notte Josefa 47226 Günter- 38

– Notte Salvatore 47226 Günter- 38

– Notte Vicente 47226 Eichendorff- 3

Vach Anneliese 47179 Zille- 12

Vaci Danika 47169 Roon- 79

– Ilvert 47119 Kaiser-Friedrich- 27

Vacillotto Aurelia 47057 Richard-Dehmel- 7

– Hildburg 47137 Emscher- 1

– Horst 47259 Beim Falkenhof 3b

– Irene 47269 Walderbenweg 8

– Sylvia 47259 Beim Falkenhof 3b

Vacillotto Wetzling Vittoria 47057 Silcher- 4

Vaczi Imre 47119 Friedrich-Ebert- 140

– Michael 47169 Johannismarkt 12

– Simone 47169 Johannismarkt 12

Vadlja Albert 47167 Obere Holtener- 29

– Angelika 47137 Schwarzwald- 18

– Barbara 47169 Coburger- 7

– Brigitte 47179 Fabrik- 42

– Dirk 47166 Markgrafen- 109

– Frank 47169 Coburger- 7

– Franz 47228 Kupfer- 8

– Gabriele 47178 Am Helpoot 16

– Horst 47167 Hannibal- 5a

– Josef 47178 Honig- 16

– Josef 47169 Coburger- 7

– Karl-Heinz 47166 Hauff- 42

– Konrad 47178 Am Helpoot 16

– Ludwig 47139 Friedhof- 80

– Marco 47137 Schwarzwald- 18

– Marlies 47167 Obere Holtener- 29

– Monika 47139 Friedhof- 80

Gewerbebetriebe/Dienstleister nach Namen – siehe gelber Teil	A-DU
